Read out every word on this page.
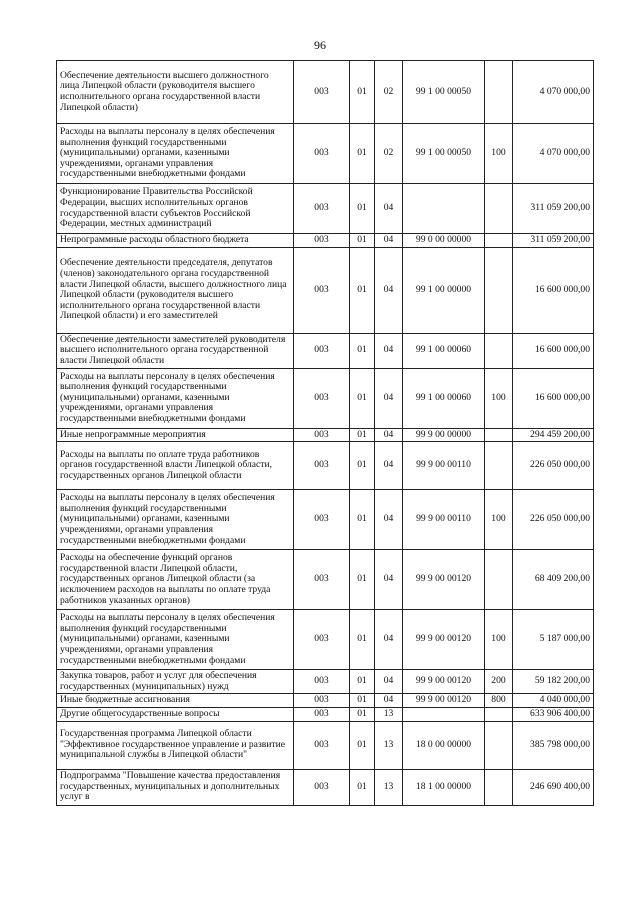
96
Обеспечение деятельности высшего должностного лица Липецкой области (руководителя высшего исполнительного органа государственной власти Липецкой области)	003	01	02	99 1 00 00050		4 070 000,00
Расходы на выплаты персоналу в целях обеспечения выполнения функций государственными (муниципальными) органами, казенными учреждениями, органами управления государственными внебюджетными фондами	003	01	02	99 1 00 00050	100	4 070 000,00
Функционирование Правительства Российской Федерации, высших исполнительных органов государственной власти субъектов Российской Федерации, местных администраций	003	01	04			311 059 200,00
Непрограммные расходы областного бюджета	003	01	04	99 0 00 00000		311 059 200,00
Обеспечение деятельности председателя, депутатов (членов) законодательного органа государственной власти Липецкой области, высшего должностного лица Липецкой области (руководителя высшего исполнительного органа государственной власти Липецкой области) и его заместителей	003	01	04	99 1 00 00000		16 600 000,00
Обеспечение деятельности заместителей руководителя высшего исполнительного органа государственной власти Липецкой области	003	01	04	99 1 00 00060		16 600 000,00
Расходы на выплаты персоналу в целях обеспечения выполнения функций государственными (муниципальными) органами, казенными учреждениями, органами управления государственными внебюджетными фондами	003	01	04	99 1 00 00060	100	16 600 000,00
Иные непрограммные мероприятия	003	01	04	99 9 00 00000		294 459 200,00
Расходы на выплаты по оплате труда работников органов государственной власти Липецкой области, государственных органов Липецкой области	003	01	04	99 9 00 00110		226 050 000,00
Расходы на выплаты персоналу в целях обеспечения выполнения функций государственными (муниципальными) органами, казенными учреждениями, органами управления государственными внебюджетными фондами	003	01	04	99 9 00 00110	100	226 050 000,00
Расходы на обеспечение функций органов государственной власти Липецкой области, государственных органов Липецкой области (за исключением расходов на выплаты по оплате труда работников указанных органов)	003	01	04	99 9 00 00120		68 409 200,00
Расходы на выплаты персоналу в целях обеспечения выполнения функций государственными (муниципальными) органами, казенными учреждениями, органами управления государственными внебюджетными фондами	003	01	04	99 9 00 00120	100	5 187 000,00
Закупка товаров, работ и услуг для обеспечения государственных (муниципальных) нужд	003	01	04	99 9 00 00120	200	59 182 200,00
Иные бюджетные ассигнования	003	01	04	99 9 00 00120	800	4 040 000,00
Другие общегосударственные вопросы	003	01	13			633 906 400,00
Государственная программа Липецкой области "Эффективное государственное управление и развитие муниципальной службы в Липецкой области"	003	01	13	18 0 00 00000		385 798 000,00
Подпрограмма "Повышение качества предоставления государственных, муниципальных и дополнительных услуг в	003	01	13	18 1 00 00000		246 690 400,00
